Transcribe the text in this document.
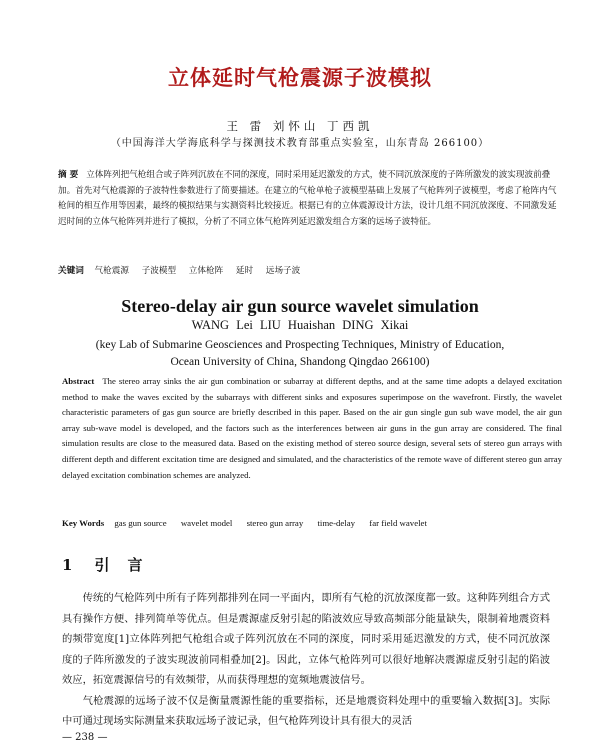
立体延时气枪震源子波模拟
王 雷 刘怀山 丁西凯
（中国海洋大学海底科学与探测技术教育部重点实验室，山东青岛 266100）
摘 要 立体阵列把气枪组合或子阵列沉放在不同的深度，同时采用延迟激发的方式，使不同沉放深度的子阵所激发的波实现波前叠加。首先对气枪震源的子波特性参数进行了简要描述。在建立的气枪单枪子波模型基础上发展了气枪阵列子波模型，考虑了枪阵内气枪间的相互作用等因素，最终的模拟结果与实测资料比较接近。根据已有的立体震源设计方法，设计几组不同沉放深度、不同激发延迟时间的立体气枪阵列并进行了模拟，分析了不同立体气枪阵列延迟激发组合方案的远场子波特征。
关键词 气枪震源 子波模型 立体枪阵 延时 远场子波
Stereo-delay air gun source wavelet simulation
WANG Lei LIU Huaishan DING Xikai
(key Lab of Submarine Geosciences and Prospecting Techniques, Ministry of Education,
Ocean University of China, Shandong Qingdao 266100)
Abstract The stereo array sinks the air gun combination or subarray at different depths, and at the same time adopts a delayed excitation method to make the waves excited by the subarrays with different sinks and exposures superimpose on the wavefront. Firstly, the wavelet characteristic parameters of gas gun source are briefly described in this paper. Based on the air gun single gun sub wave model, the air gun array sub-wave model is developed, and the factors such as the interferences between air guns in the gun array are considered. The final simulation results are close to the measured data. Based on the existing method of stereo source design, several sets of stereo gun arrays with different depth and different excitation time are designed and simulated, and the characteristics of the remote wave of different stereo gun array delayed excitation combination schemes are analyzed.
Key Words gas gun source wavelet model stereo gun array time-delay far field wavelet
1 引言

传统的气枪阵列中所有子阵列都排列在同一平面内，即所有气枪的沉放深度都一致。这种阵列组合方式具有操作方便、排列简单等优点。但是震源虚反射引起的陷波效应导致高频部分能量缺失，限制着地震资料的频带宽度[1]立体阵列把气枪组合或子阵列沉放在不同的深度，同时采用延迟激发的方式，使不同沉放深度的子阵所激发的子波实现波前同相叠加[2]。因此，立体气枪阵列可以很好地解决震源虚反射引起的陷波效应，拓宽震源信号的有效频带，从而获得理想的宽频地震波信号。

气枪震源的远场子波不仅是衡量震源性能的重要指标，还是地震资料处理中的重要输入数据[3]。实际中可通过现场实际测量来获取远场子波记录，但气枪阵列设计具有很大的灵活

— 238 —
